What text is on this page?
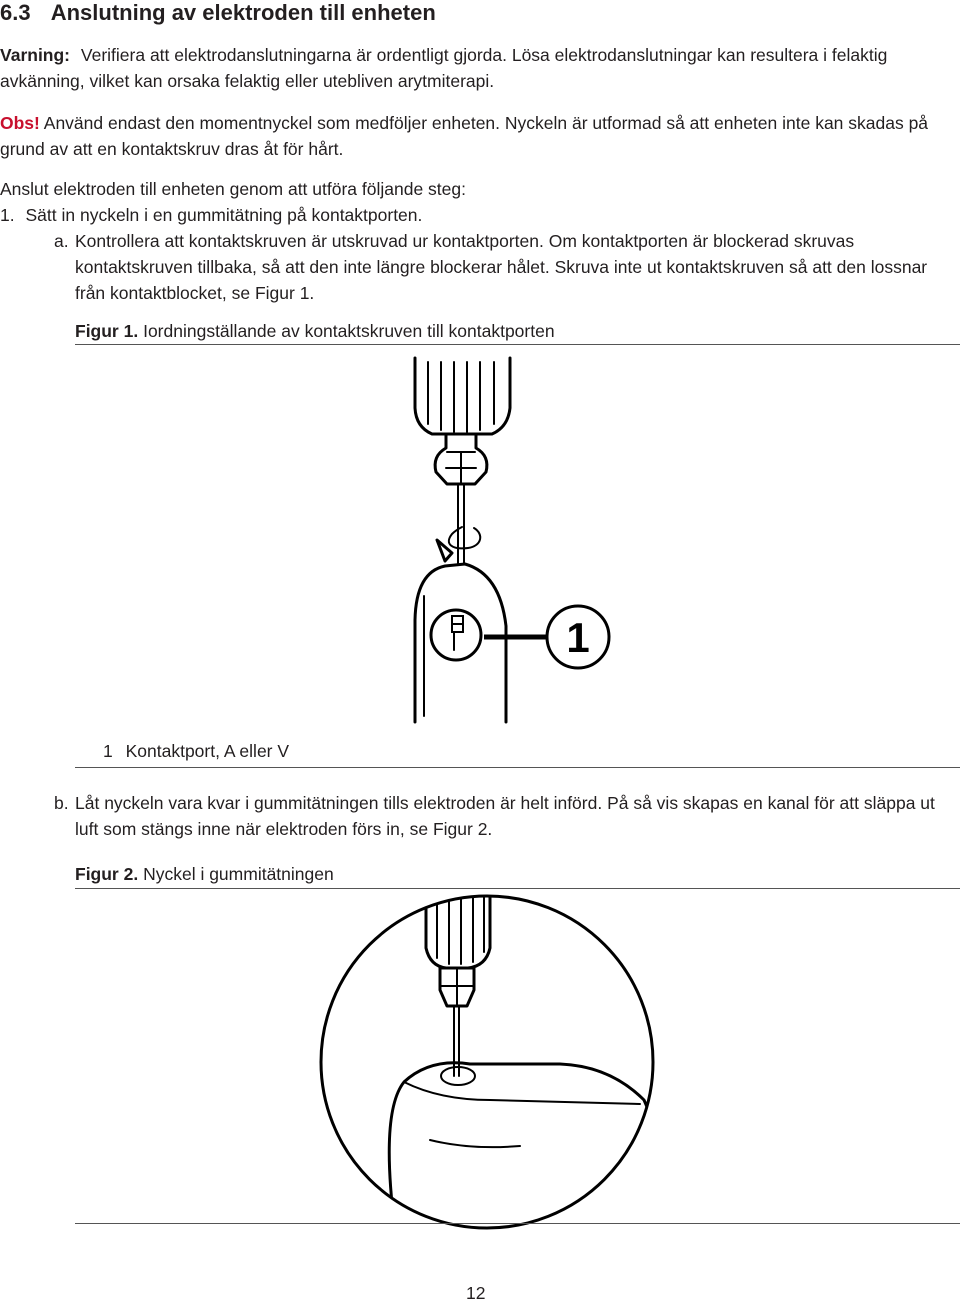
6.3 Anslutning av elektroden till enheten

Varning: Verifiera att elektrodanslutningarna är ordentligt gjorda. Lösa elektrodanslutningar kan resultera i felaktig avkänning, vilket kan orsaka felaktig eller utebliven arytmiterapi.

Obs! Använd endast den momentnyckel som medföljer enheten. Nyckeln är utformad så att enheten inte kan skadas på grund av att en kontaktskruv dras åt för hårt.

Anslut elektroden till enheten genom att utföra följande steg:

1. Sätt in nyckeln i en gummitätning på kontaktporten.

a. Kontrollera att kontaktskruven är utskruvad ur kontaktporten. Om kontaktporten är blockerad skruvas kontaktskruven tillbaka, så att den inte längre blockerar hålet. Skruva inte ut kontaktskruven så att den lossnar från kontaktblocket, se Figur 1.

Figur 1. Iordningställande av kontaktskruven till kontaktporten

1

1 Kontaktport, A eller V

b. Låt nyckeln vara kvar i gummitätningen tills elektroden är helt införd. På så vis skapas en kanal för att släppa ut luft som stängs inne när elektroden förs in, se Figur 2.

Figur 2. Nyckel i gummitätningen

12
